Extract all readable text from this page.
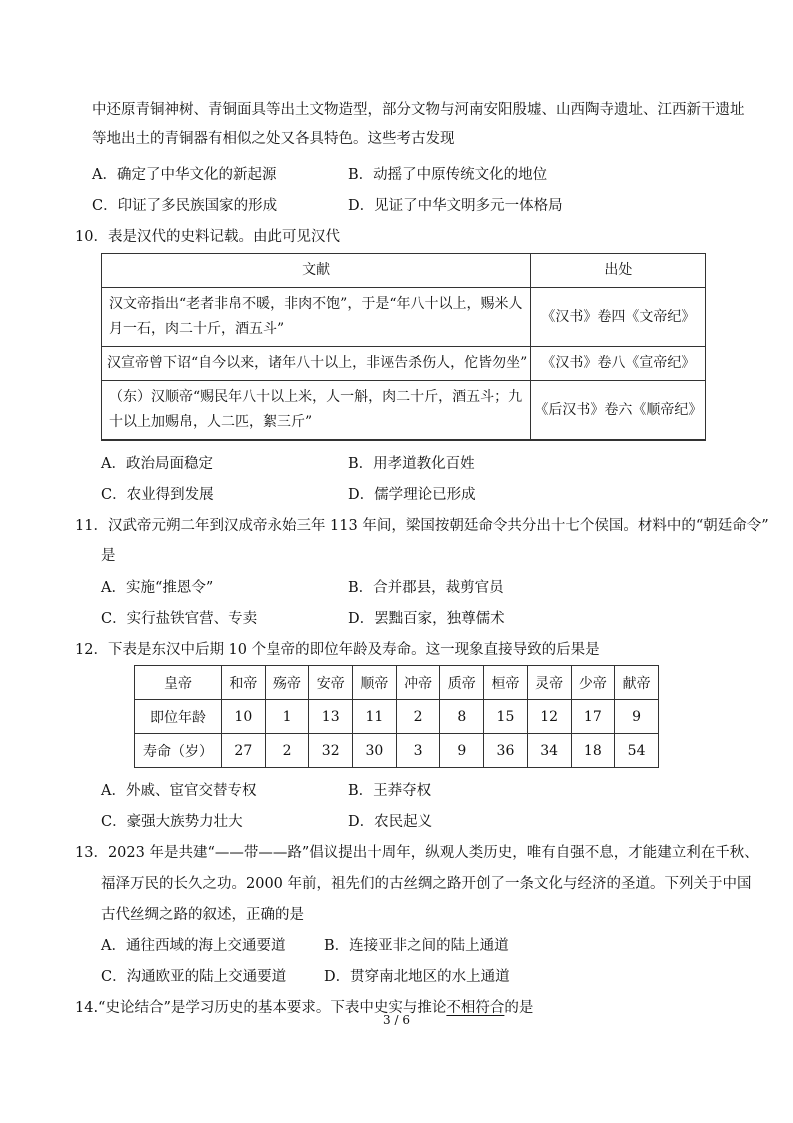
中还原青铜神树、青铜面具等出土文物造型，部分文物与河南安阳殷墟、山西陶寺遗址、江西新干遗址
等地出土的青铜器有相似之处又各具特色。这些考古发现
A．确定了中华文化的新起源	B．动摇了中原传统文化的地位
C．印证了多民族国家的形成	D．见证了中华文明多元一体格局
10．表是汉代的史料记载。由此可见汉代
文献	出处
汉文帝指出“老者非帛不暖，非肉不饱”，于是“年八十以上，赐米人
月一石，肉二十斤，酒五斗”	《汉书》卷四《文帝纪》
汉宣帝曾下诏“自今以来，诸年八十以上，非诬告杀伤人，佗皆勿坐”	《汉书》卷八《宣帝纪》
（东）汉顺帝“赐民年八十以上米，人一斛，肉二十斤，酒五斗；九
十以上加赐帛，人二匹，絮三斤”	《后汉书》卷六《顺帝纪》
A．政治局面稳定	B．用孝道教化百姓
C．农业得到发展	D．儒学理论已形成
11．汉武帝元朔二年到汉成帝永始三年 113 年间，梁国按朝廷命令共分出十七个侯国。材料中的“朝廷命令”
是
A．实施“推恩令”	B．合并郡县，裁剪官员
C．实行盐铁官营、专卖	D．罢黜百家，独尊儒术
12．下表是东汉中后期 10 个皇帝的即位年龄及寿命。这一现象直接导致的后果是
皇帝	和帝	殇帝	安帝	顺帝	冲帝	质帝	桓帝	灵帝	少帝	献帝
即位年龄	10	1	13	11	2	8	15	12	17	9
寿命（岁）	27	2	32	30	3	9	36	34	18	54
A．外戚、宦官交替专权	B．王莽夺权
C．豪强大族势力壮大	D．农民起义
13．2023 年是共建“——带——路”倡议提出十周年，纵观人类历史，唯有自强不息，才能建立利在千秋、
福泽万民的长久之功。2000 年前，祖先们的古丝绸之路开创了一条文化与经济的圣道。下列关于中国
古代丝绸之路的叙述，正确的是
A．通往西域的海上交通要道	B．连接亚非之间的陆上通道
C．沟通欧亚的陆上交通要道	D．贯穿南北地区的水上通道
14.“史论结合”是学习历史的基本要求。下表中史实与推论不相符合的是
3 / 6
